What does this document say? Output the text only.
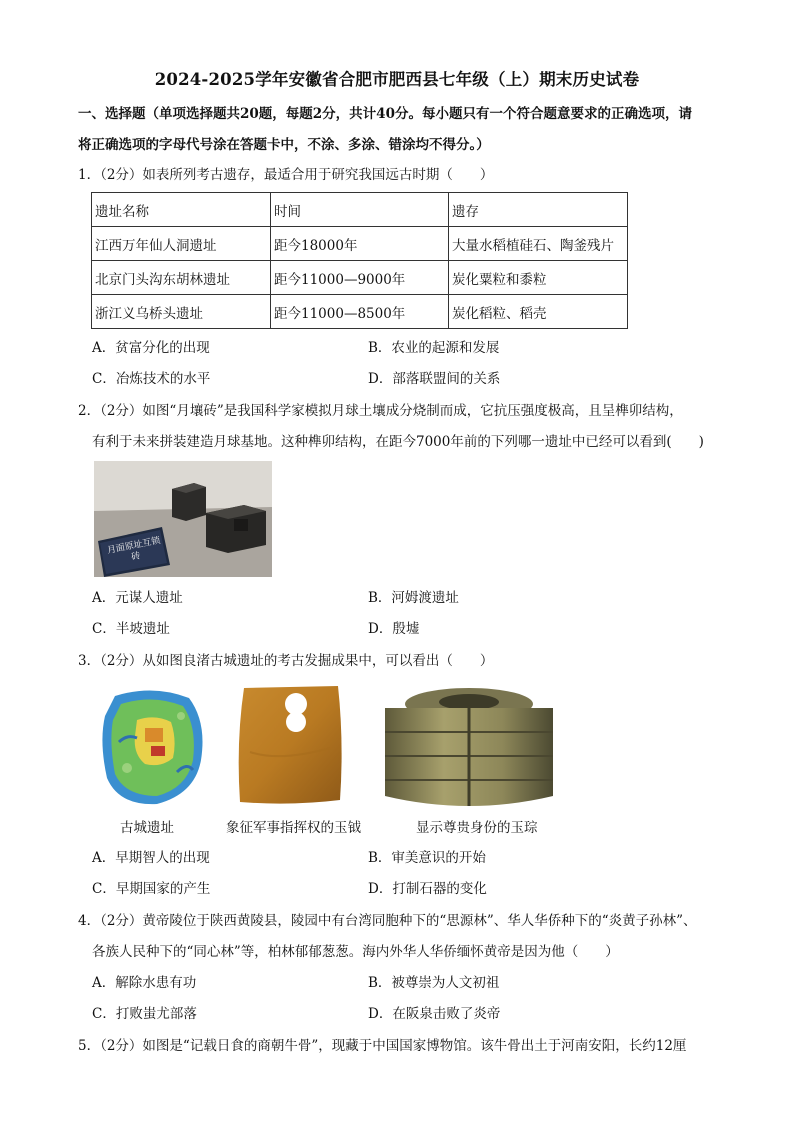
2024-2025学年安徽省合肥市肥西县七年级（上）期末历史试卷
一、选择题（单项选择题共20题，每题2分，共计40分。每小题只有一个符合题意要求的正确选项，请
将正确选项的字母代号涂在答题卡中，不涂、多涂、错涂均不得分。）
1．（2分）如表所列考古遗存，最适合用于研究我国远古时期（　　）
遗址名称	时间	遗存
江西万年仙人洞遗址	距今18000年	大量水稻植硅石、陶釜残片
北京门头沟东胡林遗址	距今11000—9000年	炭化粟粒和黍粒
浙江义乌桥头遗址	距今11000—8500年	炭化稻粒、稻壳
A．贫富分化的出现	B．农业的起源和发展
C．冶炼技术的水平	D．部落联盟间的关系
2．（2分）如图“月壤砖”是我国科学家模拟月球土壤成分烧制而成，它抗压强度极高，且呈榫卯结构，
有利于未来拼装建造月球基地。这种榫卯结构，在距今7000年前的下列哪一遗址中已经可以看到(　　)
月面原址互锁砖
A．元谋人遗址	B．河姆渡遗址
C．半坡遗址	D．殷墟
3．（2分）从如图良渚古城遗址的考古发掘成果中，可以看出（　　）
古城遗址	象征军事指挥权的玉钺	显示尊贵身份的玉琮
A．早期智人的出现	B．审美意识的开始
C．早期国家的产生	D．打制石器的变化
4．（2分）黄帝陵位于陕西黄陵县，陵园中有台湾同胞种下的“思源林”、华人华侨种下的“炎黄子孙林”、
各族人民种下的“同心林”等，柏林郁郁葱葱。海内外华人华侨缅怀黄帝是因为他（　　）
A．解除水患有功	B．被尊崇为人文初祖
C．打败蚩尤部落	D．在阪泉击败了炎帝
5．（2分）如图是“记载日食的商朝牛骨”，现藏于中国国家博物馆。该牛骨出土于河南安阳，长约12厘
